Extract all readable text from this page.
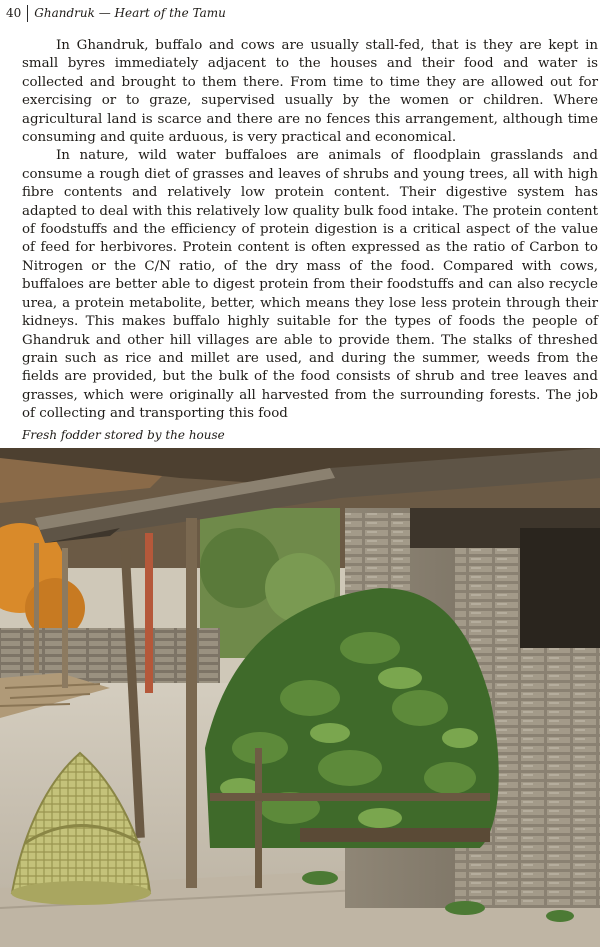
40	Ghandruk — Heart of the Tamu

In Ghandruk, buffalo and cows are usually stall-fed, that is they are kept in small byres immediately adjacent to the houses and their food and water is collected and brought to them there. From time to time they are allowed out for exercising or to graze, supervised usually by the women or children. Where agricultural land is scarce and there are no fences this arrangement, although time consuming and quite arduous, is very practical and economical.

In nature, wild water buffaloes are animals of floodplain grasslands and consume a rough diet of grasses and leaves of shrubs and young trees, all with high fibre contents and relatively low protein content. Their digestive system has adapted to deal with this relatively low quality bulk food intake. The protein content of foodstuffs and the efficiency of protein digestion is a critical aspect of the value of feed for herbivores. Protein content is often expressed as the ratio of Carbon to Nitrogen or the C/N ratio, of the dry mass of the food. Compared with cows, buffaloes are better able to digest protein from their foodstuffs and can also recycle urea, a protein metabolite, better, which means they lose less protein through their kidneys. This makes buffalo highly suitable for the types of foods the people of Ghandruk and other hill villages are able to provide them. The stalks of threshed grain such as rice and millet are used, and during the summer, weeds from the fields are provided, but the bulk of the food consists of shrub and tree leaves and grasses, which were originally all harvested from the surrounding forests. The job of collecting and transporting this food

Fresh fodder stored by the house
